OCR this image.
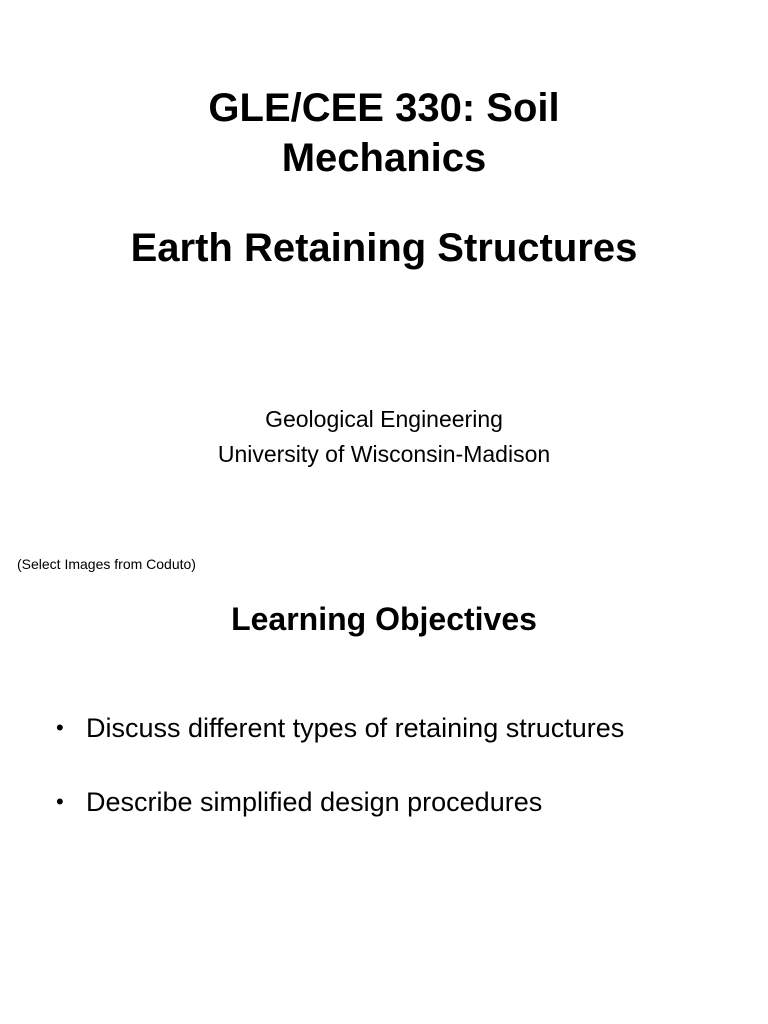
GLE/CEE 330: Soil
Mechanics
Earth Retaining Structures
Geological Engineering
University of Wisconsin-Madison
(Select Images from Coduto)
Learning Objectives
• Discuss different types of retaining structures
• Describe simplified design procedures
